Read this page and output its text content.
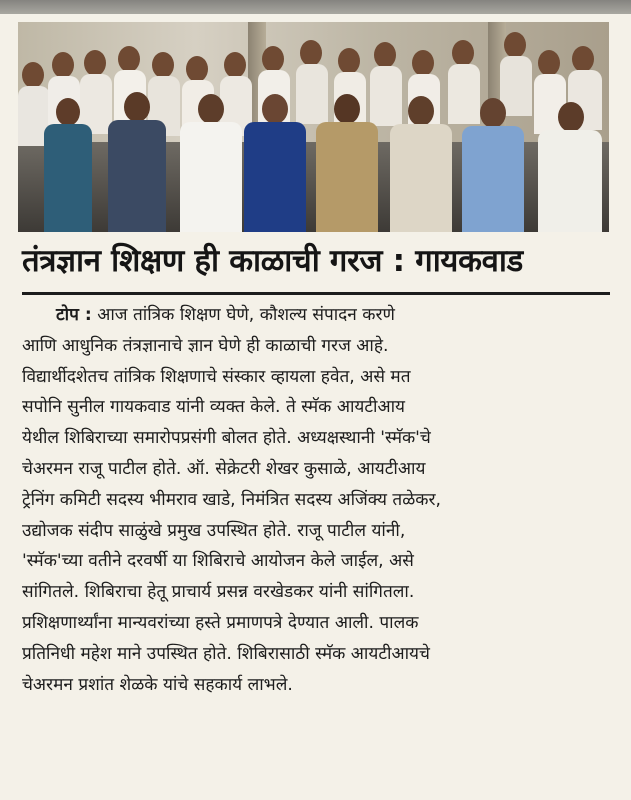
तंत्रज्ञान शिक्षण ही काळाची गरज : गायकवाड
टोप : आज तांत्रिक शिक्षण घेणे, कौशल्य संपादन करणे
आणि आधुनिक तंत्रज्ञानाचे ज्ञान घेणे ही काळाची गरज आहे.
विद्यार्थीदशेतच तांत्रिक शिक्षणाचे संस्कार व्हायला हवेत, असे मत
सपोनि सुनील गायकवाड यांनी व्यक्त केले. ते स्मॅक आयटीआय
येथील शिबिराच्या समारोपप्रसंगी बोलत होते. अध्यक्षस्थानी 'स्मॅक'चे
चेअरमन राजू पाटील होते. ऑ. सेक्रेटरी शेखर कुसाळे, आयटीआय
ट्रेनिंग कमिटी सदस्य भीमराव खाडे, निमंत्रित सदस्य अजिंक्य तळेकर,
उद्योजक संदीप साळुंखे प्रमुख उपस्थित होते. राजू पाटील यांनी,
'स्मॅक'च्या वतीने दरवर्षी या शिबिराचे आयोजन केले जाईल, असे
सांगितले. शिबिराचा हेतू प्राचार्य प्रसन्न वरखेडकर यांनी सांगितला.
प्रशिक्षणार्थ्यांना मान्यवरांच्या हस्ते प्रमाणपत्रे देण्यात आली. पालक
प्रतिनिधी महेश माने उपस्थित होते. शिबिरासाठी स्मॅक आयटीआयचे
चेअरमन प्रशांत शेळके यांचे सहकार्य लाभले.
